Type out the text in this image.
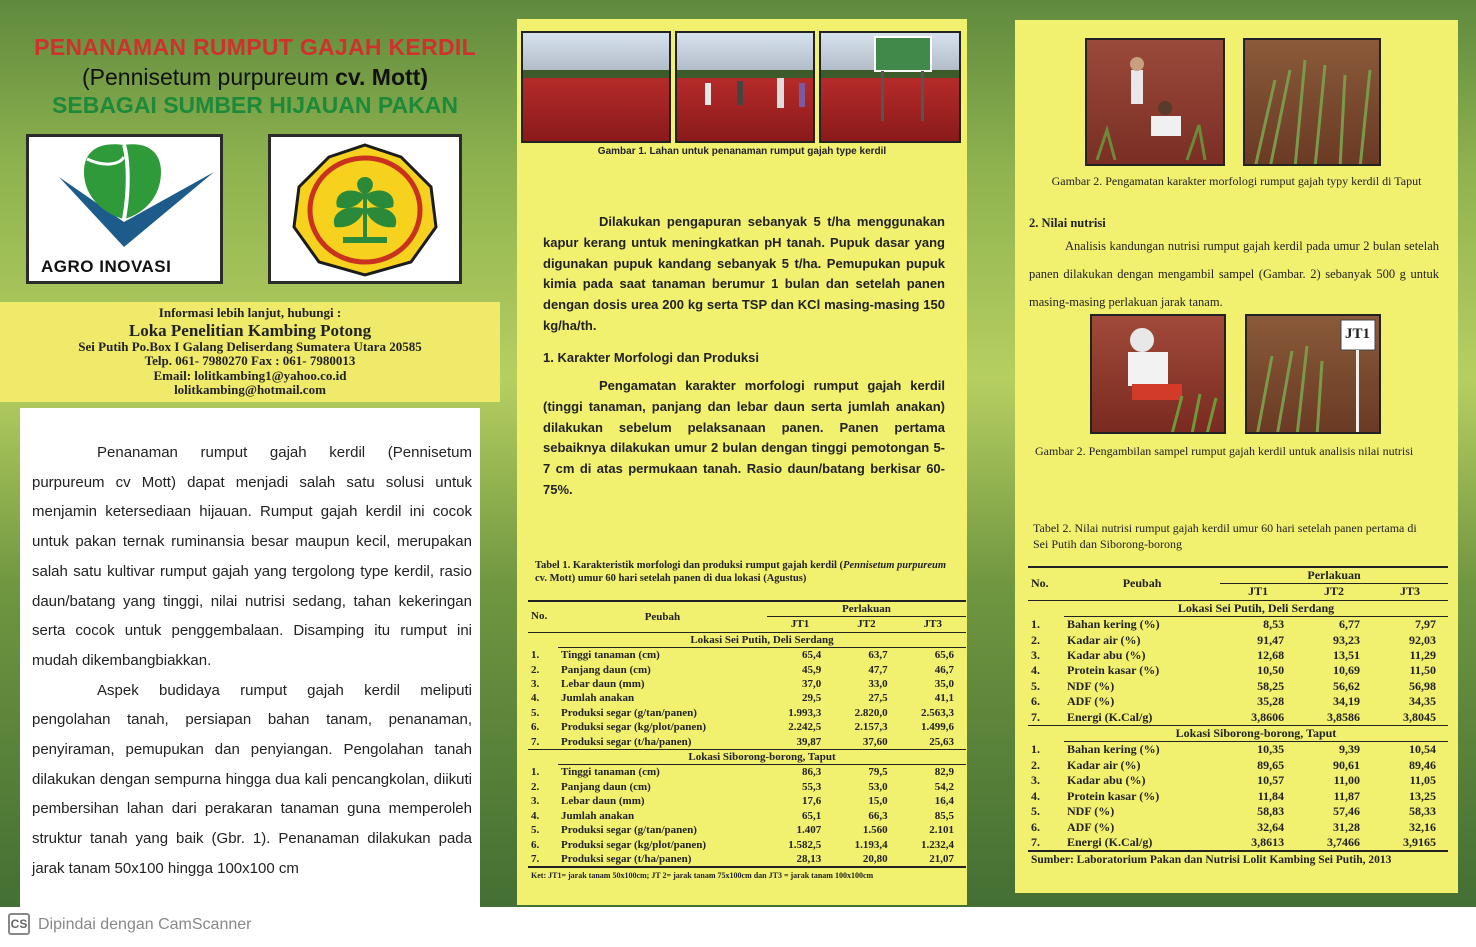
PENANAMAN RUMPUT GAJAH KERDIL
(Pennisetum purpureum cv. Mott)
SEBAGAI SUMBER HIJAUAN PAKAN
AGRO INOVASI
Informasi lebih lanjut, hubungi :
Loka Penelitian Kambing Potong
Sei Putih Po.Box I Galang Deliserdang Sumatera Utara 20585
Telp. 061- 7980270 Fax : 061- 7980013
Email: lolitkambing1@yahoo.co.id
lolitkambing@hotmail.com

Penanaman rumput gajah kerdil (Pennisetum purpureum cv Mott) dapat menjadi salah satu solusi untuk menjamin ketersediaan hijauan. Rumput gajah kerdil ini cocok untuk pakan ternak ruminansia besar maupun kecil, merupakan salah satu kultivar rumput gajah yang tergolong type kerdil, rasio daun/batang yang tinggi, nilai nutrisi sedang, tahan kekeringan serta cocok untuk penggembalaan. Disamping itu rumput ini mudah dikembangbiakkan.

Aspek budidaya rumput gajah kerdil meliputi pengolahan tanah, persiapan bahan tanam, penanaman, penyiraman, pemupukan dan penyiangan. Pengolahan tanah dilakukan dengan sempurna hingga dua kali pencangkolan, diikuti pembersihan lahan dari perakaran tanaman guna memperoleh struktur tanah yang baik (Gbr. 1). Penanaman dilakukan pada jarak tanam 50x100 hingga 100x100 cm

Gambar 1. Lahan untuk penanaman rumput gajah type kerdil
Dilakukan pengapuran sebanyak 5 t/ha menggunakan kapur kerang untuk meningkatkan pH tanah. Pupuk dasar yang digunakan pupuk kandang sebanyak 5 t/ha. Pemupukan pupuk kimia pada saat tanaman berumur 1 bulan dan setelah panen dengan dosis urea 200 kg serta TSP dan KCl masing-masing 150 kg/ha/th.
1. Karakter Morfologi dan Produksi
Pengamatan karakter morfologi rumput gajah kerdil (tinggi tanaman, panjang dan lebar daun serta jumlah anakan) dilakukan sebelum pelaksanaan panen. Panen pertama sebaiknya dilakukan umur 2 bulan dengan tinggi pemotongan 5-7 cm di atas permukaan tanah. Rasio daun/batang berkisar 60-75%.
Tabel 1. Karakteristik morfologi dan produksi rumput gajah kerdil (Pennisetum purpureum cv. Mott) umur 60 hari setelah panen di dua lokasi (Agustus)
No.	Peubah	Perlakuan		
		JT1	JT2	JT3
	Lokasi Sei Putih, Deli Serdang			
1.	Tinggi tanaman (cm)	65,4	63,7	65,6
2.	Panjang daun (cm)	45,9	47,7	46,7
3.	Lebar daun (mm)	37,0	33,0	35,0
4.	Jumlah anakan	29,5	27,5	41,1
5.	Produksi segar (g/tan/panen)	1.993,3	2.820,0	2.563,3
6.	Produksi segar (kg/plot/panen)	2.242,5	2.157,3	1.499,6
7.	Produksi segar (t/ha/panen)	39,87	37,60	25,63
	Lokasi Siborong-borong, Taput			
1.	Tinggi tanaman (cm)	86,3	79,5	82,9
2.	Panjang daun (cm)	55,3	53,0	54,2
3.	Lebar daun (mm)	17,6	15,0	16,4
4.	Jumlah anakan	65,1	66,3	85,5
5.	Produksi segar (g/tan/panen)	1.407	1.560	2.101
6.	Produksi segar (kg/plot/panen)	1.582,5	1.193,4	1.232,4
7.	Produksi segar (t/ha/panen)	28,13	20,80	21,07
Ket: JT1= jarak tanam 50x100cm; JT 2= jarak tanam 75x100cm dan JT3 = jarak tanam 100x100cm				
Gambar 2. Pengamatan karakter morfologi rumput gajah typy kerdil di Taput
2. Nilai nutrisi
Analisis kandungan nutrisi rumput gajah kerdil pada umur 2 bulan setelah panen dilakukan dengan mengambil sampel (Gambar. 2) sebanyak 500 g untuk masing-masing perlakuan jarak tanam.
JT1
Gambar 2. Pengambilan sampel rumput gajah kerdil untuk analisis nilai nutrisi
Tabel 2. Nilai nutrisi rumput gajah kerdil umur 60 hari setelah panen pertama di Sei Putih dan Siborong-borong
No.	Peubah	Perlakuan		
		JT1	JT2	JT3
	Lokasi Sei Putih, Deli Serdang			
1.	Bahan kering (%)	8,53	6,77	7,97
2.	Kadar air (%)	91,47	93,23	92,03
3.	Kadar abu (%)	12,68	13,51	11,29
4.	Protein kasar (%)	10,50	10,69	11,50
5.	NDF (%)	58,25	56,62	56,98
6.	ADF (%)	35,28	34,19	34,35
7.	Energi (K.Cal/g)	3,8606	3,8586	3,8045
	Lokasi Siborong-borong, Taput			
1.	Bahan kering (%)	10,35	9,39	10,54
2.	Kadar air (%)	89,65	90,61	89,46
3.	Kadar abu (%)	10,57	11,00	11,05
4.	Protein kasar (%)	11,84	11,87	13,25
5.	NDF (%)	58,83	57,46	58,33
6.	ADF (%)	32,64	31,28	32,16
7.	Energi (K.Cal/g)	3,8613	3,7466	3,9165
Sumber: Laboratorium Pakan dan Nutrisi Lolit Kambing Sei Putih, 2013				
CS Dipindai dengan CamScanner
